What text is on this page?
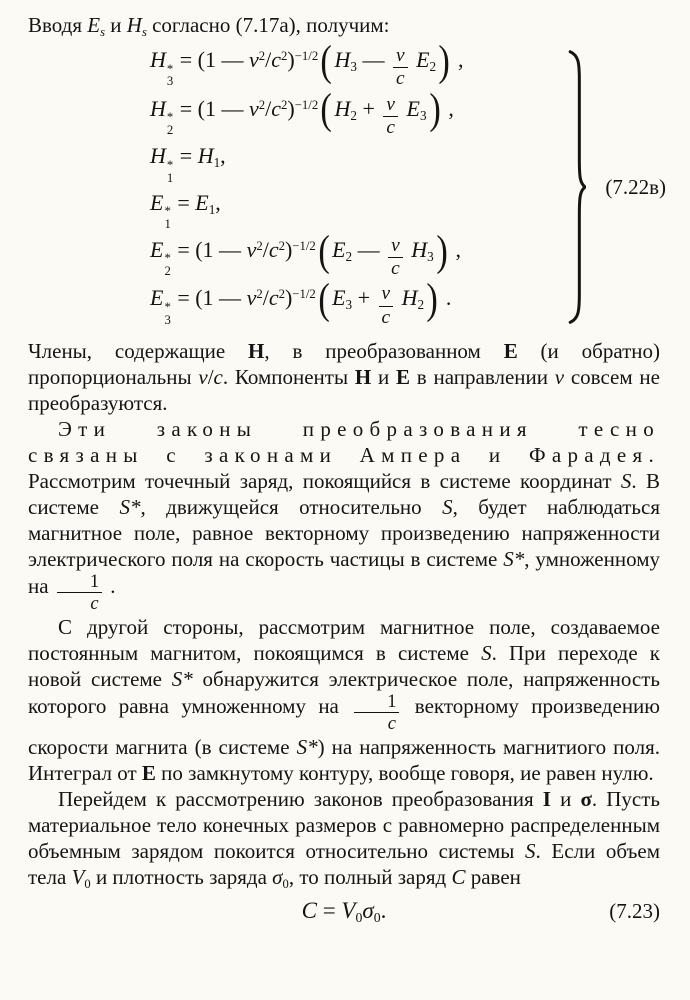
Вводя $E_s$ и $H_s$ согласно (7.17а), получим:

H *
3
= (1 — $v^2/c^2)^{-1/2}$( $H_3$ — $\frac{v}{c} E_2$) ,
H *
2
= (1 — $v^2/c^2)^{-1/2}$( $H_2 + \frac{v}{c} E_3$) ,
H *
1
= $H_1$,
E *
1
= $E_1$,
E *
2
= (1 — $v^2/c^2)^{-1/2}$( $E_2$ — $\frac{v}{c} H_3$) ,
E *
3
= (1 — $v^2/c^2)^{-1/2}$( $E_3 + \frac{v}{c} H_2$) .
(7.22в)

Члены, содержащие H, в преобразованном E (и обратно) пропорциональны v/c. Компоненты H и E в направлении v совсем не преобразуются.

Эти законы преобразования тесно связаны с законами Ампера и Фарадея. Рассмотрим точечный заряд, покоящийся в системе координат S. В системе S*, движущейся относительно S, будет наблюдаться магнитное поле, равное векторному произведению напряженности электрического поля на скорость частицы в системе S*, умноженному на $\frac{1}{c}$ .

С другой стороны, рассмотрим магнитное поле, создаваемое постоянным магнитом, покоящимся в системе S. При переходе к новой системе S* обнаружится электрическое поле, напряженность которого равна умноженному на $\frac{1}{c}$ векторному произведению скорости магнита (в системе S*) на напряженность магнитиого поля. Интеграл от E по замкнутому контуру, вообще говоря, ие равен нулю.

Перейдем к рассмотрению законов преобразования I и σ. Пусть материальное тело конечных размеров с равномерно распределенным объемным зарядом покоится относительно системы S. Если объем тела $V_0$ и плотность заряда $\sigma_0$, то полный заряд C равен

$C = V_0\sigma_0$.	(7.23)
